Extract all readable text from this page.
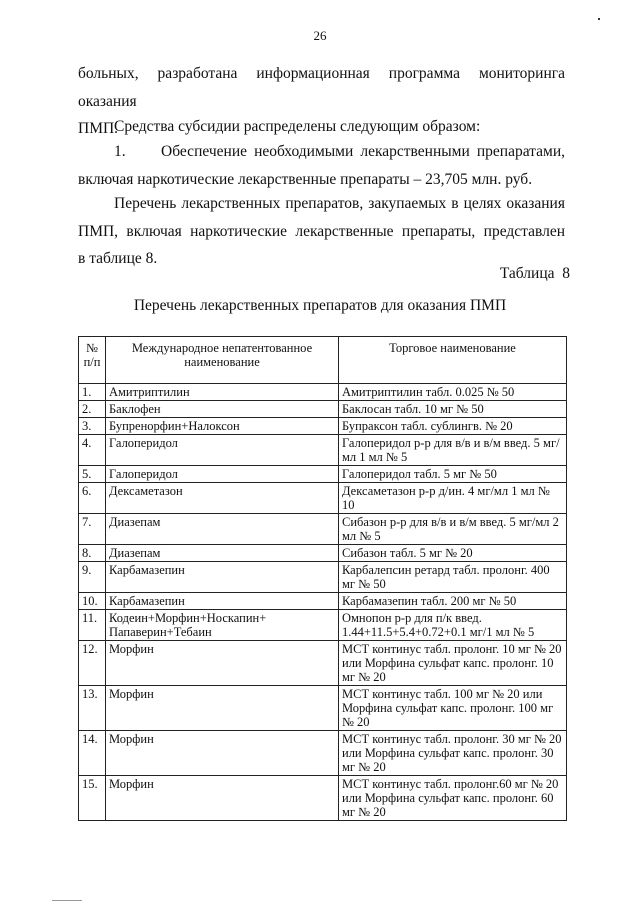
26
больных, разработана информационная программа мониторинга оказания
ПМП.
Средства субсидии распределены следующим образом:
1.     Обеспечение необходимыми лекарственными препаратами,
включая наркотические лекарственные препараты – 23,705 млн. руб.
Перечень лекарственных препаратов, закупаемых в целях оказания
ПМП, включая наркотические лекарственные препараты, представлен
в таблице 8.
Таблица  8
Перечень лекарственных препаратов для оказания ПМП
№ п/п	Международное непатентованное наименование	Торговое наименование
1.	Амитриптилин	Амитриптилин табл. 0.025 № 50
2.	Баклофен	Баклосан табл. 10 мг № 50
3.	Бупренорфин+Налоксон	Бупраксон табл. сублингв. № 20
4.	Галоперидол	Галоперидол р-р для в/в и в/м введ. 5 мг/мл 1 мл № 5
5.	Галоперидол	Галоперидол табл. 5 мг № 50
6.	Дексаметазон	Дексаметазон р-р д/ин. 4 мг/мл 1 мл № 10
7.	Диазепам	Сибазон р-р для в/в и в/м введ. 5 мг/мл 2 мл № 5
8.	Диазепам	Сибазон табл. 5 мг № 20
9.	Карбамазепин	Карбалепсин ретард табл. пролонг. 400 мг № 50
10.	Карбамазепин	Карбамазепин табл. 200 мг № 50
11.	Кодеин+Морфин+Носкапин+ Папаверин+Тебаин	Омнопон р-р для п/к введ. 1.44+11.5+5.4+0.72+0.1 мг/1 мл № 5
12.	Морфин	МСТ континус табл. пролонг. 10 мг № 20 или Морфина сульфат капс. пролонг. 10 мг № 20
13.	Морфин	МСТ континус табл. 100 мг № 20 или Морфина сульфат капс. пролонг. 100 мг № 20
14.	Морфин	МСТ континус табл. пролонг. 30 мг № 20 или Морфина сульфат капс. пролонг. 30 мг № 20
15.	Морфин	МСТ континус табл. пролонг.60 мг № 20 или Морфина сульфат капс. пролонг. 60 мг № 20
